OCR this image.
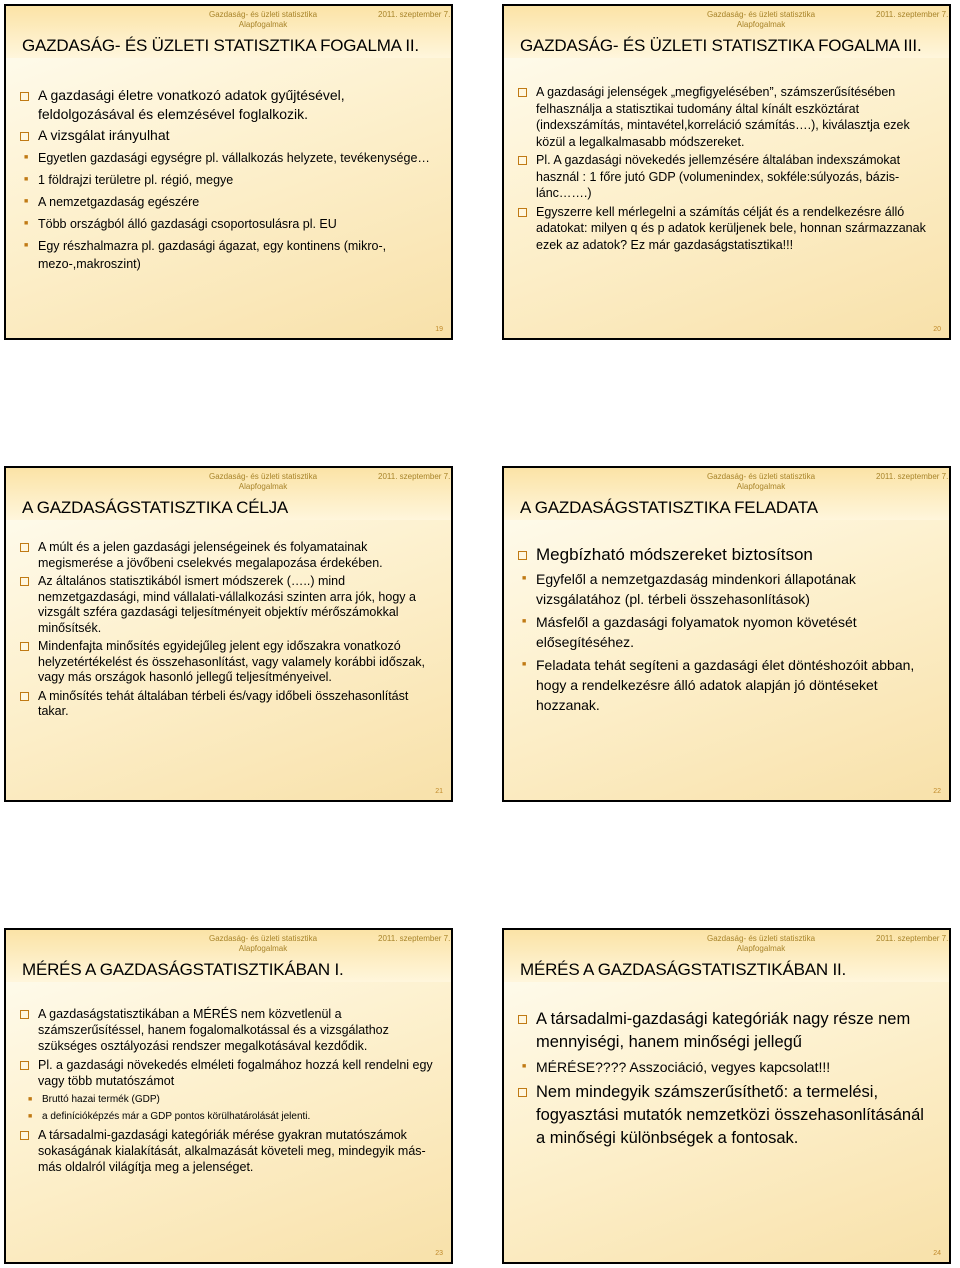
Gazdaság- és üzleti statisztika Alapfogalmak
2011. szeptember 7.
GAZDASÁG- ÉS ÜZLETI STATISZTIKA FOGALMA II.
A gazdasági életre vonatkozó adatok gyűjtésével, feldolgozásával és elemzésével foglalkozik.
A vizsgálat irányulhat
■ Egyetlen gazdasági egységre pl. vállalkozás helyzete, tevékenysége…
■ 1 földrajzi területre pl. régió, megye
■ A nemzetgazdaság egészére
■ Több országból álló gazdasági csoportosulásra pl. EU
■ Egy részhalmazra pl. gazdasági ágazat, egy kontinens (mikro-, mezo-,makroszint)
19
Gazdaság- és üzleti statisztika Alapfogalmak
2011. szeptember 7.
GAZDASÁG- ÉS ÜZLETI STATISZTIKA FOGALMA III.
A gazdasági jelenségek „megfigyelésében”, számszerűsítésében felhasználja a statisztikai tudomány által kínált eszköztárat (indexszámítás, mintavétel,korreláció számítás….), kiválasztja ezek közül a legalkalmasabb módszereket.
Pl. A gazdasági növekedés jellemzésére általában indexszámokat használ : 1 főre jutó GDP (volumenindex, sokféle:súlyozás, bázis-lánc…….)
Egyszerre kell mérlegelni a számítás célját és a rendelkezésre álló adatokat: milyen q és p adatok kerüljenek bele, honnan származzanak ezek az adatok? Ez már gazdaságstatisztika!!!
20
Gazdaság- és üzleti statisztika Alapfogalmak
2011. szeptember 7.
A GAZDASÁGSTATISZTIKA CÉLJA
A múlt és a jelen gazdasági jelenségeinek és folyamatainak megismerése a jövőbeni cselekvés megalapozása érdekében.
Az általános statisztikából ismert módszerek (…..) mind nemzetgazdasági, mind vállalati-vállalkozási szinten arra jók, hogy a vizsgált szféra gazdasági teljesítményeit objektív mérőszámokkal minősítsék.
Mindenfajta minősítés egyidejűleg jelent egy időszakra vonatkozó helyzetértékelést és összehasonlítást, vagy valamely korábbi időszak, vagy más országok hasonló jellegű teljesítményeivel.
A minősítés tehát általában térbeli és/vagy időbeli összehasonlítást takar.
21
Gazdaság- és üzleti statisztika Alapfogalmak
2011. szeptember 7.
A GAZDASÁGSTATISZTIKA FELADATA
Megbízható módszereket biztosítson
■ Egyfelől a nemzetgazdaság mindenkori állapotának vizsgálatához (pl. térbeli összehasonlítások)
■ Másfelől a gazdasági folyamatok nyomon követését elősegítéséhez.
■ Feladata tehát segíteni a gazdasági élet döntéshozóit abban, hogy a rendelkezésre álló adatok alapján jó döntéseket hozzanak.
22
Gazdaság- és üzleti statisztika Alapfogalmak
2011. szeptember 7.
MÉRÉS A GAZDASÁGSTATISZTIKÁBAN I.
A gazdaságstatisztikában a MÉRÉS nem közvetlenül a számszerűsítéssel, hanem fogalomalkotással és a vizsgálathoz szükséges osztályozási rendszer megalkotásával kezdődik.
Pl. a gazdasági növekedés elméleti fogalmához hozzá kell rendelni egy vagy több mutatószámot
■ Bruttó hazai termék (GDP)
■ a definícióképzés már a GDP pontos körülhatárolását jelenti.
A társadalmi-gazdasági kategóriák mérése gyakran mutatószámok sokaságának kialakítását, alkalmazását követeli meg, mindegyik más-más oldalról világítja meg a jelenséget.
23
Gazdaság- és üzleti statisztika Alapfogalmak
2011. szeptember 7.
MÉRÉS A GAZDASÁGSTATISZTIKÁBAN II.
A társadalmi-gazdasági kategóriák nagy része nem mennyiségi, hanem minőségi jellegű
■ MÉRÉSE???? Asszociáció, vegyes kapcsolat!!!
Nem mindegyik számszerűsíthető: a termelési, fogyasztási mutatók nemzetközi összehasonlításánál a minőségi különbségek a fontosak.
24
